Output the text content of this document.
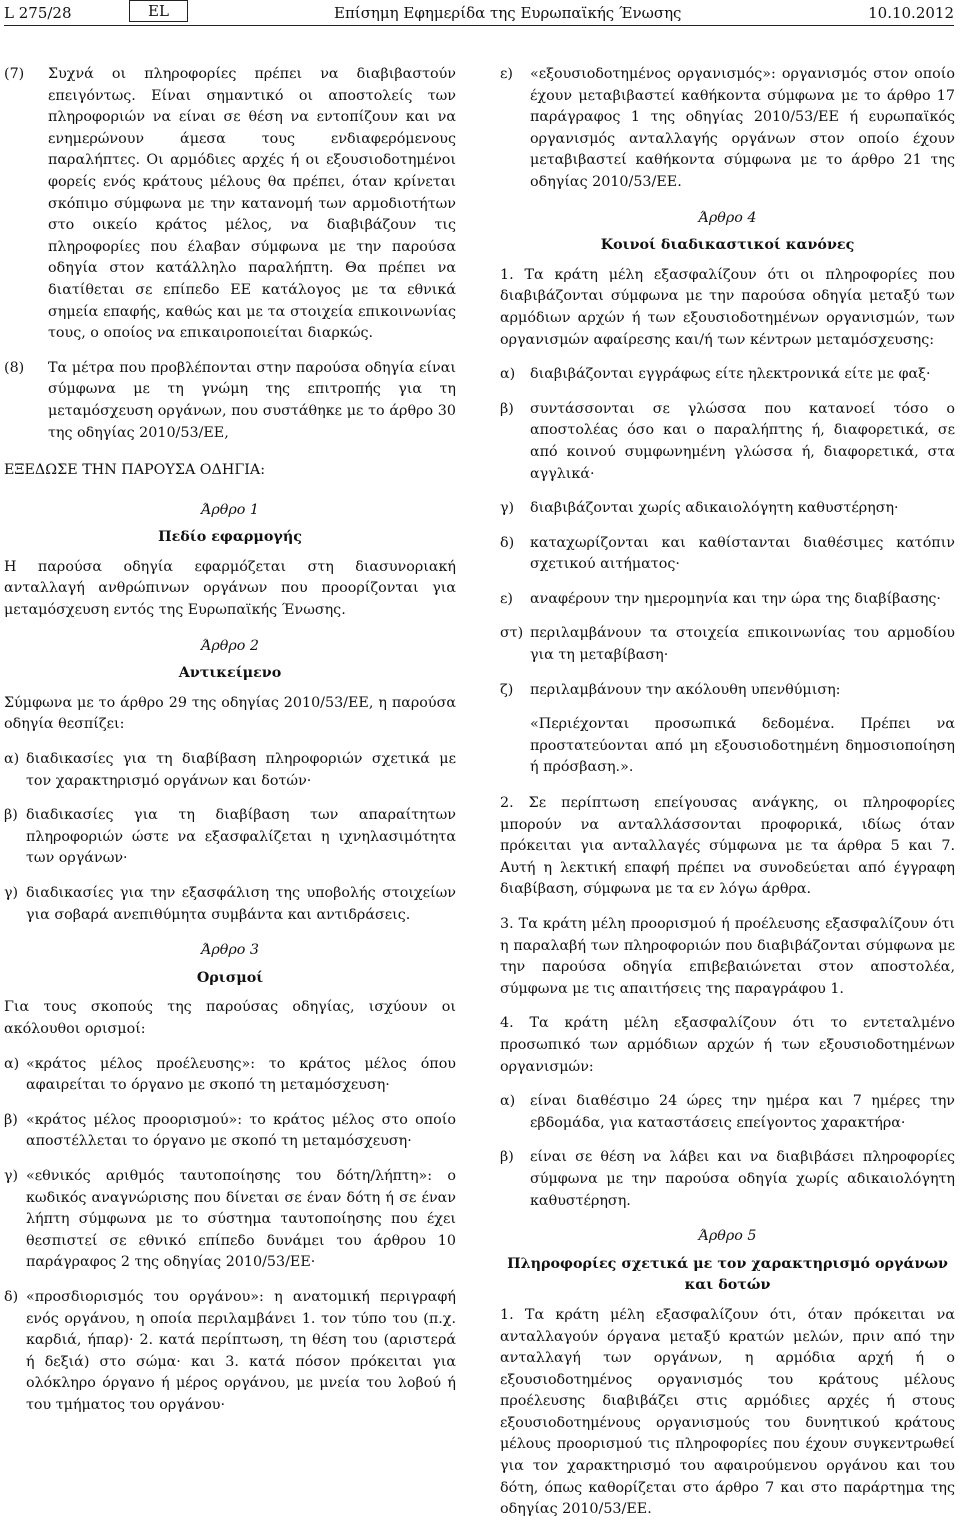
L 275/28	EL	Επίσημη Εφημερίδα της Ευρωπαϊκής Ένωσης	10.10.2012
(7)	Συχνά οι πληροφορίες πρέπει να διαβιβαστούν επειγόντως. Είναι σημαντικό οι αποστολείς των πληροφοριών να είναι σε θέση να εντοπίζουν και να ενημερώνουν άμεσα τους ενδιαφερόμενους παραλήπτες. Οι αρμόδιες αρχές ή οι εξουσιοδοτημένοι φορείς ενός κράτους μέλους θα πρέπει, όταν κρίνεται σκόπιμο σύμφωνα με την κατανομή των αρμοδιοτήτων στο οικείο κράτος μέλος, να διαβιβάζουν τις πληροφορίες που έλαβαν σύμφωνα με την παρούσα οδηγία στον κατάλληλο παραλήπτη. Θα πρέπει να διατίθεται σε επίπεδο ΕΕ κατάλογος με τα εθνικά σημεία επαφής, καθώς και με τα στοιχεία επικοινωνίας τους, ο οποίος να επικαιροποιείται διαρκώς.
(8)	Τα μέτρα που προβλέπονται στην παρούσα οδηγία είναι σύμφωνα με τη γνώμη της επιτροπής για τη μεταμόσχευση οργάνων, που συστάθηκε με το άρθρο 30 της οδηγίας 2010/53/ΕΕ,

ΕΞΕΔΩΣΕ ΤΗΝ ΠΑΡΟΥΣΑ ΟΔΗΓΙΑ:

Άρθρο 1

Πεδίο εφαρμογής

Η παρούσα οδηγία εφαρμόζεται στη διασυνοριακή ανταλλαγή ανθρώπινων οργάνων που προορίζονται για μεταμόσχευση εντός της Ευρωπαϊκής Ένωσης.

Άρθρο 2

Αντικείμενο

Σύμφωνα με το άρθρο 29 της οδηγίας 2010/53/ΕΕ, η παρούσα οδηγία θεσπίζει:

α) διαδικασίες για τη διαβίβαση πληροφοριών σχετικά με τον χαρακτηρισμό οργάνων και δοτών·
β) διαδικασίες για τη διαβίβαση των απαραίτητων πληροφοριών ώστε να εξασφαλίζεται η ιχνηλασιμότητα των οργάνων·
γ) διαδικασίες για την εξασφάλιση της υποβολής στοιχείων για σοβαρά ανεπιθύμητα συμβάντα και αντιδράσεις.

Άρθρο 3

Ορισμοί

Για τους σκοπούς της παρούσας οδηγίας, ισχύουν οι ακόλουθοι ορισμοί:

α) «κράτος μέλος προέλευσης»: το κράτος μέλος όπου αφαιρείται το όργανο με σκοπό τη μεταμόσχευση·
β) «κράτος μέλος προορισμού»: το κράτος μέλος στο οποίο αποστέλλεται το όργανο με σκοπό τη μεταμόσχευση·
γ) «εθνικός αριθμός ταυτοποίησης του δότη/λήπτη»: ο κωδικός αναγνώρισης που δίνεται σε έναν δότη ή σε έναν λήπτη σύμφωνα με το σύστημα ταυτοποίησης που έχει θεσπιστεί σε εθνικό επίπεδο δυνάμει του άρθρου 10 παράγραφος 2 της οδηγίας 2010/53/ΕΕ·
δ) «προσδιορισμός του οργάνου»: η ανατομική περιγραφή ενός οργάνου, η οποία περιλαμβάνει 1. τον τύπο του (π.χ. καρδιά, ήπαρ)· 2. κατά περίπτωση, τη θέση του (αριστερά ή δεξιά) στο σώμα· και 3. κατά πόσον πρόκειται για ολόκληρο όργανο ή μέρος οργάνου, με μνεία του λοβού ή του τμήματος του οργάνου·
ε)	«εξουσιοδοτημένος οργανισμός»: οργανισμός στον οποίο έχουν μεταβιβαστεί καθήκοντα σύμφωνα με το άρθρο 17 παράγραφος 1 της οδηγίας 2010/53/ΕΕ ή ευρωπαϊκός οργανισμός ανταλλαγής οργάνων στον οποίο έχουν μεταβιβαστεί καθήκοντα σύμφωνα με το άρθρο 21 της οδηγίας 2010/53/ΕΕ.

Άρθρο 4

Κοινοί διαδικαστικοί κανόνες

1. Τα κράτη μέλη εξασφαλίζουν ότι οι πληροφορίες που διαβιβάζονται σύμφωνα με την παρούσα οδηγία μεταξύ των αρμόδιων αρχών ή των εξουσιοδοτημένων οργανισμών, των οργανισμών αφαίρεσης και/ή των κέντρων μεταμόσχευσης:

α)	διαβιβάζονται εγγράφως είτε ηλεκτρονικά είτε με φαξ·
β)	συντάσσονται σε γλώσσα που κατανοεί τόσο ο αποστολέας όσο και ο παραλήπτης ή, διαφορετικά, σε από κοινού συμφωνημένη γλώσσα ή, διαφορετικά, στα αγγλικά·
γ)	διαβιβάζονται χωρίς αδικαιολόγητη καθυστέρηση·
δ)	καταχωρίζονται και καθίστανται διαθέσιμες κατόπιν σχετικού αιτήματος·
ε)	αναφέρουν την ημερομηνία και την ώρα της διαβίβασης·
στ) περιλαμβάνουν τα στοιχεία επικοινωνίας του αρμοδίου για τη μεταβίβαση·
ζ)	περιλαμβάνουν την ακόλουθη υπενθύμιση:

«Περιέχονται προσωπικά δεδομένα. Πρέπει να προστατεύονται από μη εξουσιοδοτημένη δημοσιοποίηση ή πρόσβαση.».

2. Σε περίπτωση επείγουσας ανάγκης, οι πληροφορίες μπορούν να ανταλλάσσονται προφορικά, ιδίως όταν πρόκειται για ανταλλαγές σύμφωνα με τα άρθρα 5 και 7. Αυτή η λεκτική επαφή πρέπει να συνοδεύεται από έγγραφη διαβίβαση, σύμφωνα με τα εν λόγω άρθρα.

3. Τα κράτη μέλη προορισμού ή προέλευσης εξασφαλίζουν ότι η παραλαβή των πληροφοριών που διαβιβάζονται σύμφωνα με την παρούσα οδηγία επιβεβαιώνεται στον αποστολέα, σύμφωνα με τις απαιτήσεις της παραγράφου 1.

4. Τα κράτη μέλη εξασφαλίζουν ότι το εντεταλμένο προσωπικό των αρμόδιων αρχών ή των εξουσιοδοτημένων οργανισμών:

α)	είναι διαθέσιμο 24 ώρες την ημέρα και 7 ημέρες την εβδομάδα, για καταστάσεις επείγοντος χαρακτήρα·
β)	είναι σε θέση να λάβει και να διαβιβάσει πληροφορίες σύμφωνα με την παρούσα οδηγία χωρίς αδικαιολόγητη καθυστέρηση.

Άρθρο 5

Πληροφορίες σχετικά με τον χαρακτηρισμό οργάνων και δοτών

1. Τα κράτη μέλη εξασφαλίζουν ότι, όταν πρόκειται να ανταλλαγούν όργανα μεταξύ κρατών μελών, πριν από την ανταλλαγή των οργάνων, η αρμόδια αρχή ή ο εξουσιοδοτημένος οργανισμός του κράτους μέλους προέλευσης διαβιβάζει στις αρμόδιες αρχές ή στους εξουσιοδοτημένους οργανισμούς του δυνητικού κράτους μέλους προορισμού τις πληροφορίες που έχουν συγκεντρωθεί για τον χαρακτηρισμό του αφαιρούμενου οργάνου και του δότη, όπως καθορίζεται στο άρθρο 7 και στο παράρτημα της οδηγίας 2010/53/ΕΕ.
